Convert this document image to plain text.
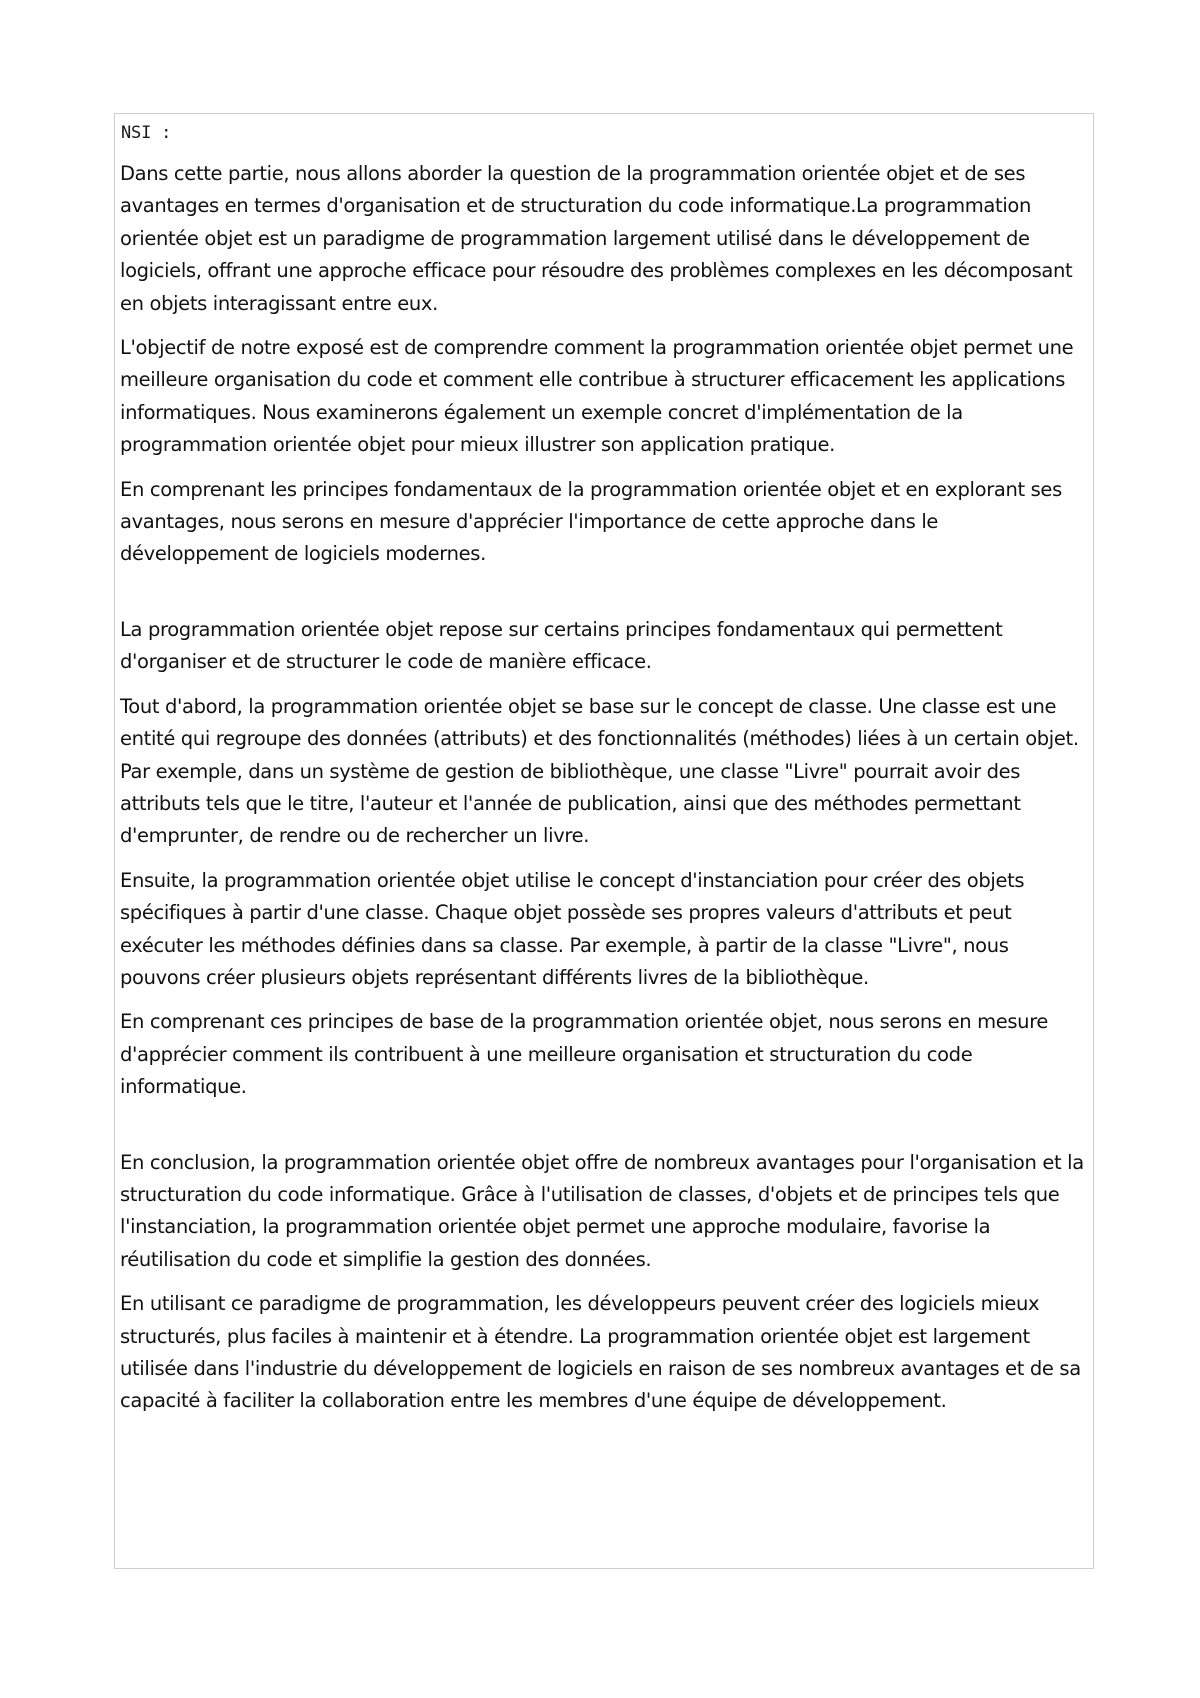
NSI :

Dans cette partie, nous allons aborder la question de la programmation orientée objet et de ses avantages en termes d'organisation et de structuration du code informatique.La programmation orientée objet est un paradigme de programmation largement utilisé dans le développement de logiciels, offrant une approche efficace pour résoudre des problèmes complexes en les décomposant en objets interagissant entre eux.

L'objectif de notre exposé est de comprendre comment la programmation orientée objet permet une meilleure organisation du code et comment elle contribue à structurer efficacement les applications informatiques. Nous examinerons également un exemple concret d'implémentation de la programmation orientée objet pour mieux illustrer son application pratique.

En comprenant les principes fondamentaux de la programmation orientée objet et en explorant ses avantages, nous serons en mesure d'apprécier l'importance de cette approche dans le développement de logiciels modernes.

La programmation orientée objet repose sur certains principes fondamentaux qui permettent d'organiser et de structurer le code de manière efficace.

Tout d'abord, la programmation orientée objet se base sur le concept de classe. Une classe est une entité qui regroupe des données (attributs) et des fonctionnalités (méthodes) liées à un certain objet. Par exemple, dans un système de gestion de bibliothèque, une classe "Livre" pourrait avoir des attributs tels que le titre, l'auteur et l'année de publication, ainsi que des méthodes permettant d'emprunter, de rendre ou de rechercher un livre.

Ensuite, la programmation orientée objet utilise le concept d'instanciation pour créer des objets spécifiques à partir d'une classe. Chaque objet possède ses propres valeurs d'attributs et peut exécuter les méthodes définies dans sa classe. Par exemple, à partir de la classe "Livre", nous pouvons créer plusieurs objets représentant différents livres de la bibliothèque.

En comprenant ces principes de base de la programmation orientée objet, nous serons en mesure d'apprécier comment ils contribuent à une meilleure organisation et structuration du code informatique.

En conclusion, la programmation orientée objet offre de nombreux avantages pour l'organisation et la structuration du code informatique. Grâce à l'utilisation de classes, d'objets et de principes tels que l'instanciation, la programmation orientée objet permet une approche modulaire, favorise la réutilisation du code et simplifie la gestion des données.

En utilisant ce paradigme de programmation, les développeurs peuvent créer des logiciels mieux structurés, plus faciles à maintenir et à étendre. La programmation orientée objet est largement utilisée dans l'industrie du développement de logiciels en raison de ses nombreux avantages et de sa capacité à faciliter la collaboration entre les membres d'une équipe de développement.
